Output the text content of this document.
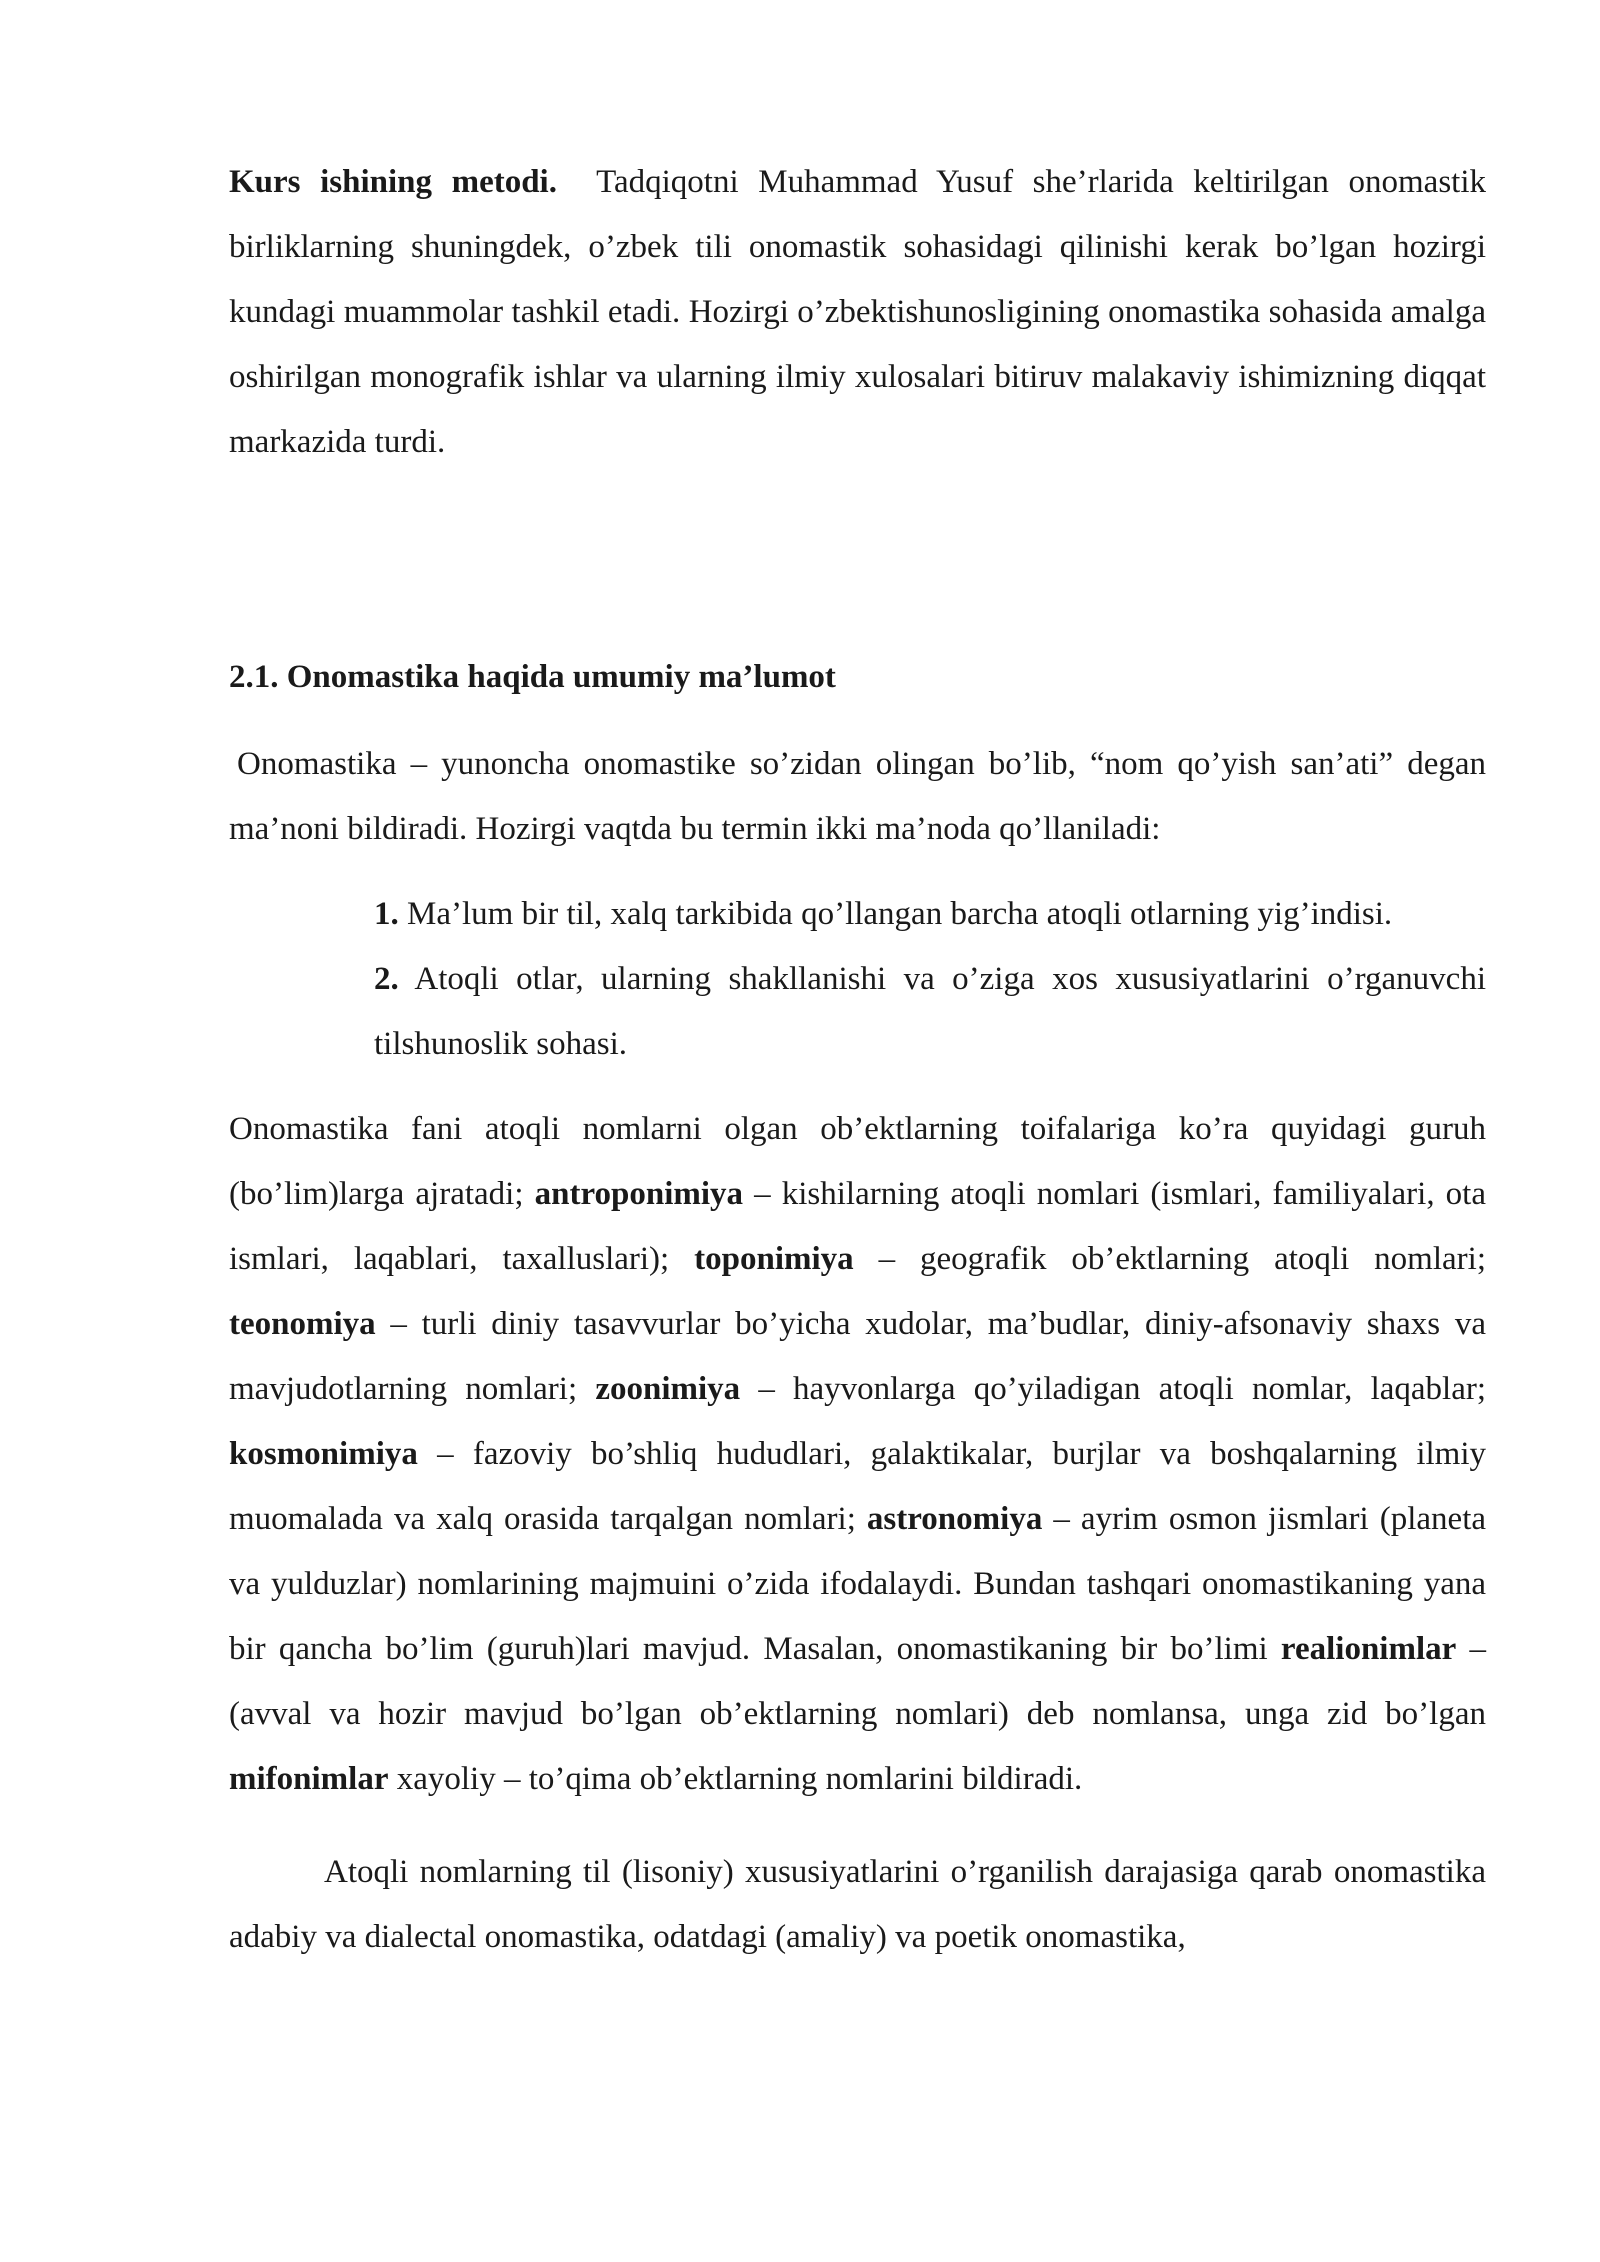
Kurs ishining metodi. Tadqiqotni Muhammad Yusuf she’rlarida keltirilgan onomastik birliklarning shuningdek, o’zbek tili onomastik sohasidagi qilinishi kerak bo’lgan hozirgi kundagi muammolar tashkil etadi. Hozirgi o’zbektishunosligining onomastika sohasida amalga oshirilgan monografik ishlar va ularning ilmiy xulosalari bitiruv malakaviy ishimizning diqqat markazida turdi.

2.1. Onomastika haqida umumiy ma’lumot

Onomastika – yunoncha onomastike so’zidan olingan bo’lib, “nom qo’yish san’ati” degan ma’noni bildiradi. Hozirgi vaqtda bu termin ikki ma’noda qo’llaniladi:

1. Ma’lum bir til, xalq tarkibida qo’llangan barcha atoqli otlarning yig’indisi.
2. Atoqli otlar, ularning shakllanishi va o’ziga xos xususiyatlarini o’rganuvchi tilshunoslik sohasi.

Onomastika fani atoqli nomlarni olgan ob’ektlarning toifalariga ko’ra quyidagi guruh (bo’lim)larga ajratadi; antroponimiya – kishilarning atoqli nomlari (ismlari, familiyalari, ota ismlari, laqablari, taxalluslari); toponimiya – geografik ob’ektlarning atoqli nomlari; teonomiya – turli diniy tasavvurlar bo’yicha xudolar, ma’budlar, diniy-afsonaviy shaxs va mavjudotlarning nomlari; zoonimiya – hayvonlarga qo’yiladigan atoqli nomlar, laqablar; kosmonimiya – fazoviy bo’shliq hududlari, galaktikalar, burjlar va boshqalarning ilmiy muomalada va xalq orasida tarqalgan nomlari; astronomiya – ayrim osmon jismlari (planeta va yulduzlar) nomlarining majmuini o’zida ifodalaydi. Bundan tashqari onomastikaning yana bir qancha bo’lim (guruh)lari mavjud. Masalan, onomastikaning bir bo’limi realionimlar – (avval va hozir mavjud bo’lgan ob’ektlarning nomlari) deb nomlansa, unga zid bo’lgan mifonimlar xayoliy – to’qima ob’ektlarning nomlarini bildiradi.

Atoqli nomlarning til (lisoniy) xususiyatlarini o’rganilish darajasiga qarab onomastika adabiy va dialectal onomastika, odatdagi (amaliy) va poetik onomastika,
